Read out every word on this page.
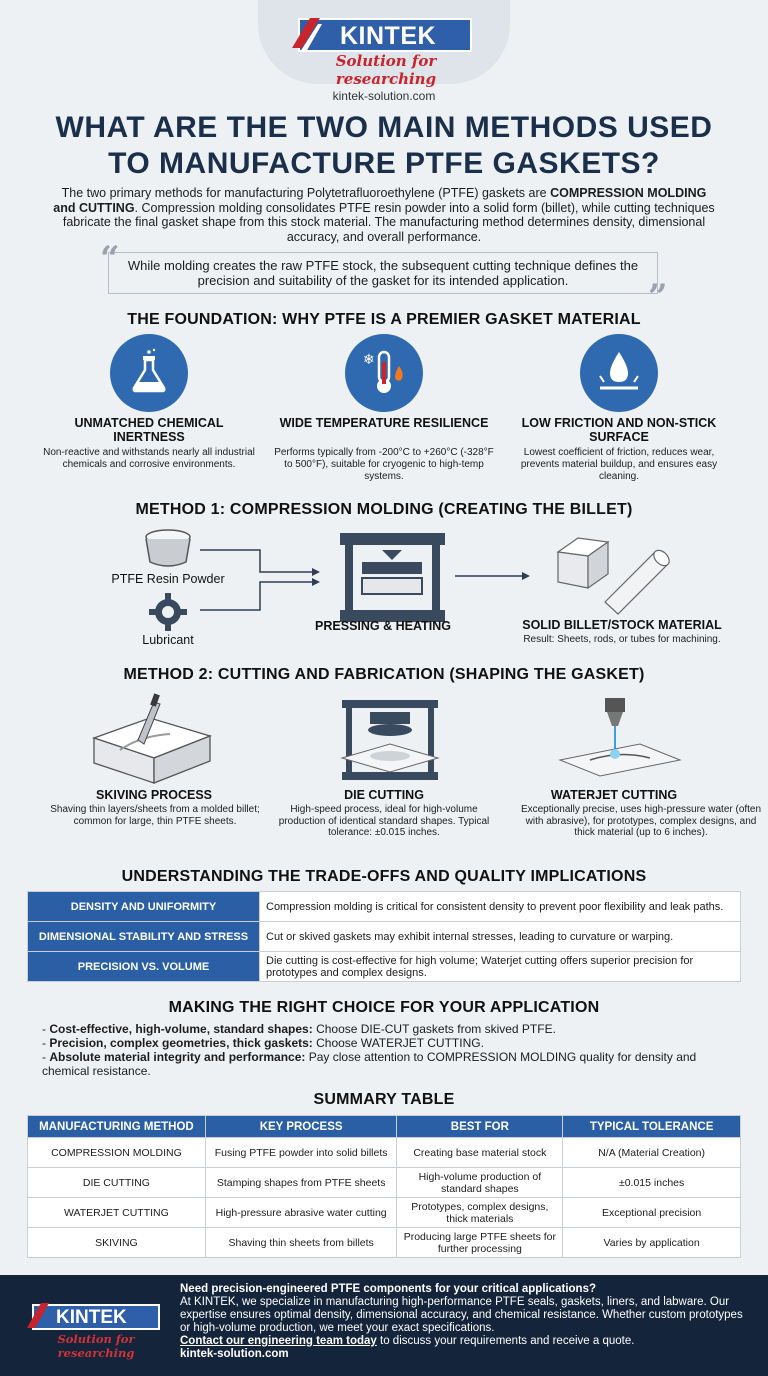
KINTEK
Solution for researching
kintek-solution.com
WHAT ARE THE TWO MAIN METHODS USED TO MANUFACTURE PTFE GASKETS?

The two primary methods for manufacturing Polytetrafluoroethylene (PTFE) gaskets are COMPRESSION MOLDING and CUTTING. Compression molding consolidates PTFE resin powder into a solid form (billet), while cutting techniques fabricate the final gasket shape from this stock material. The manufacturing method determines density, dimensional accuracy, and overall performance.

“
”
While molding creates the raw PTFE stock, the subsequent cutting technique defines the precision and suitability of the gasket for its intended application.
THE FOUNDATION: WHY PTFE IS A PREMIER GASKET MATERIAL
❄
UNMATCHED CHEMICAL INERTNESS
Non-reactive and withstands nearly all industrial chemicals and corrosive environments.
WIDE TEMPERATURE RESILIENCE
Performs typically from -200°C to +260°C (-328°F to 500°F), suitable for cryogenic to high-temp systems.
LOW FRICTION AND NON-STICK SURFACE
Lowest coefficient of friction, reduces wear, prevents material buildup, and ensures easy cleaning.
METHOD 1: COMPRESSION MOLDING (CREATING THE BILLET)
PTFE Resin Powder
Lubricant
PRESSING & HEATING	SOLID BILLET/STOCK MATERIAL
Result: Sheets, rods, or tubes for machining.
METHOD 2: CUTTING AND FABRICATION (SHAPING THE GASKET)
SKIVING PROCESS
Shaving thin layers/sheets from a molded billet; common for large, thin PTFE sheets.
DIE CUTTING
High-speed process, ideal for high-volume production of identical standard shapes. Typical tolerance: ±0.015 inches.
WATERJET CUTTING
Exceptionally precise, uses high-pressure water (often with abrasive), for prototypes, complex designs, and thick material (up to 6 inches).
UNDERSTANDING THE TRADE-OFFS AND QUALITY IMPLICATIONS
DENSITY AND UNIFORMITY	Compression molding is critical for consistent density to prevent poor flexibility and leak paths.
DIMENSIONAL STABILITY AND STRESS	Cut or skived gaskets may exhibit internal stresses, leading to curvature or warping.
PRECISION VS. VOLUME	Die cutting is cost-effective for high volume; Waterjet cutting offers superior precision for prototypes and complex designs.
MAKING THE RIGHT CHOICE FOR YOUR APPLICATION
- Cost-effective, high-volume, standard shapes: Choose DIE-CUT gaskets from skived PTFE.
- Precision, complex geometries, thick gaskets: Choose WATERJET CUTTING.
- Absolute material integrity and performance: Pay close attention to COMPRESSION MOLDING quality for density and chemical resistance.
SUMMARY TABLE
MANUFACTURING METHOD	KEY PROCESS	BEST FOR	TYPICAL TOLERANCE
COMPRESSION MOLDING	Fusing PTFE powder into solid billets	Creating base material stock	N/A (Material Creation)
DIE CUTTING	Stamping shapes from PTFE sheets	High-volume production of standard shapes	±0.015 inches
WATERJET CUTTING	High-pressure abrasive water cutting	Prototypes, complex designs, thick materials	Exceptional precision
SKIVING	Shaving thin sheets from billets	Producing large PTFE sheets for further processing	Varies by application
KINTEK
Solution for researching
Need precision-engineered PTFE components for your critical applications?
At KINTEK, we specialize in manufacturing high-performance PTFE seals, gaskets, liners, and labware. Our expertise ensures optimal density, dimensional accuracy, and chemical resistance. Whether custom prototypes or high-volume production, we meet your exact specifications.
Contact our engineering team today to discuss your requirements and receive a quote.
kintek-solution.com
